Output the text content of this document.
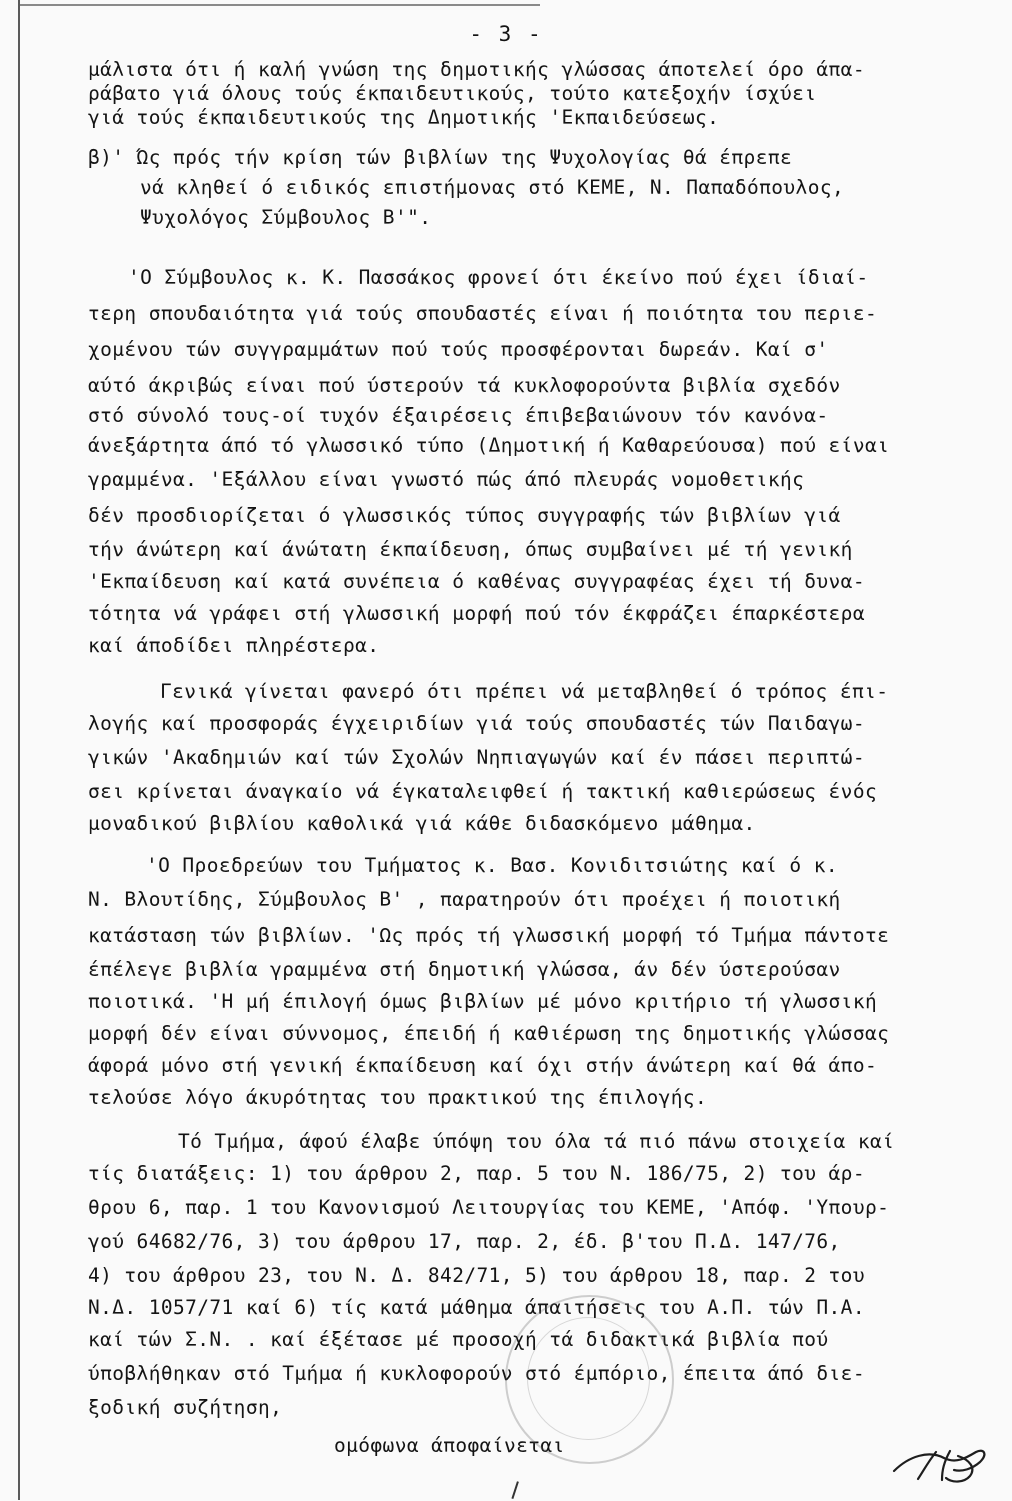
- 3 -
μάλιστα ότι ή καλή γνώση της δημοτικής γλώσσας άποτελεί όρο άπα-
ράβατο γιά όλους τούς έκπαιδευτικούς, τούτο κατεξοχήν ίσχύει
γιά τούς έκπαιδευτικούς της Δημοτικής 'Εκπαιδεύσεως.
β)' Ώς πρός τήν κρίση τών βιβλίων της Ψυχολογίας θά έπρεπε
νά κληθεί ό ειδικός επιστήμονας στό ΚΕΜΕ, Ν. Παπαδόπουλος,
Ψυχολόγος Σύμβουλος Β'".
'Ο Σύμβουλος κ. Κ. Πασσάκος φρονεί ότι έκείνο πού έχει ίδιαί-
τερη σπουδαιότητα γιά τούς σπουδαστές είναι ή ποιότητα του περιε-
χομένου τών συγγραμμάτων πού τούς προσφέρονται δωρεάν. Καί σ'
αύτό άκριβώς είναι πού ύστερούν τά κυκλοφορούντα βιβλία σχεδόν
στό σύνολό τους-οί τυχόν έξαιρέσεις έπιβεβαιώνουν τόν κανόνα-
άνεξάρτητα άπό τό γλωσσικό τύπο (Δημοτική ή Καθαρεύουσα) πού είναι
γραμμένα. 'Εξάλλου είναι γνωστό πώς άπό πλευράς νομοθετικής
δέν προσδιορίζεται ό γλωσσικός τύπος συγγραφής τών βιβλίων γιά
τήν άνώτερη καί άνώτατη έκπαίδευση, όπως συμβαίνει μέ τή γενική
'Εκπαίδευση καί κατά συνέπεια ό καθένας συγγραφέας έχει τή δυνα-
τότητα νά γράφει στή γλωσσική μορφή πού τόν έκφράζει έπαρκέστερα
καί άποδίδει πληρέστερα.
Γενικά γίνεται φανερό ότι πρέπει νά μεταβληθεί ό τρόπος έπι-
λογής καί προσφοράς έγχειριδίων γιά τούς σπουδαστές τών Παιδαγω-
γικών 'Ακαδημιών καί τών Σχολών Νηπιαγωγών καί έν πάσει περιπτώ-
σει κρίνεται άναγκαίο νά έγκαταλειφθεί ή τακτική καθιερώσεως ένός
μοναδικού βιβλίου καθολικά γιά κάθε διδασκόμενο μάθημα.
'Ο Προεδρεύων του Τμήματος κ. Βασ. Κονιδιτσιώτης καί ό κ.
Ν. Βλουτίδης, Σύμβουλος Β' , παρατηρούν ότι προέχει ή ποιοτική
κατάσταση τών βιβλίων. 'Ως πρός τή γλωσσική μορφή τό Τμήμα πάντοτε
έπέλεγε βιβλία γραμμένα στή δημοτική γλώσσα, άν δέν ύστερούσαν
ποιοτικά. 'Η μή έπιλογή όμως βιβλίων μέ μόνο κριτήριο τή γλωσσική
μορφή δέν είναι σύννομος, έπειδή ή καθιέρωση της δημοτικής γλώσσας
άφορά μόνο στή γενική έκπαίδευση καί όχι στήν άνώτερη καί θά άπο-
τελούσε λόγο άκυρότητας του πρακτικού της έπιλογής.
Τό Τμήμα, άφού έλαβε ύπόψη του όλα τά πιό πάνω στοιχεία καί
τίς διατάξεις: 1) του άρθρου 2, παρ. 5 του Ν. 186/75, 2) του άρ-
θρου 6, παρ. 1 του Κανονισμού Λειτουργίας του ΚΕΜΕ, 'Απόφ. 'Υπουρ-
γού 64682/76, 3) του άρθρου 17, παρ. 2, έδ. β'του Π.Δ. 147/76,
4) του άρθρου 23, του Ν. Δ. 842/71, 5) του άρθρου 18, παρ. 2 του
Ν.Δ. 1057/71 καί 6) τίς κατά μάθημα άπαιτήσεις του Α.Π. τών Π.Α.
καί τών Σ.Ν. . καί έξέτασε μέ προσοχή τά διδακτικά βιβλία πού
ύποβλήθηκαν στό Τμήμα ή κυκλοφορούν στό έμπόριο, έπειτα άπό διε-
ξοδική συζήτηση,
ομόφωνα άποφαίνεται
